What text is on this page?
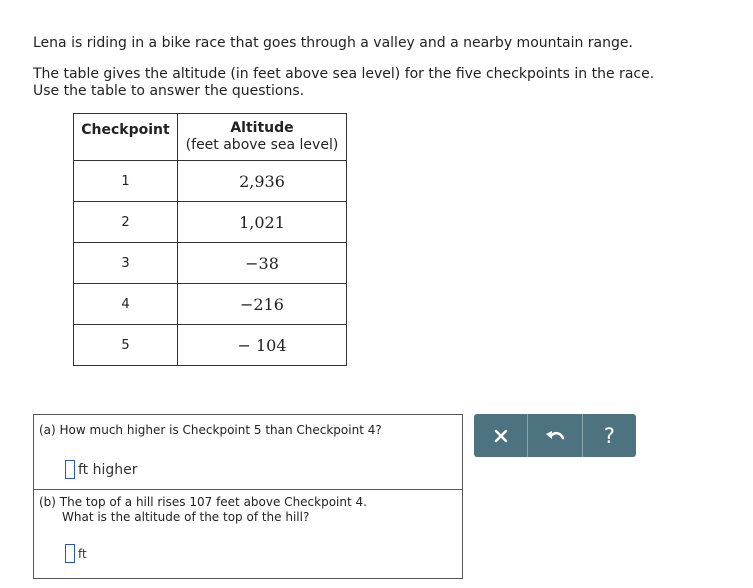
Lena is riding in a bike race that goes through a valley and a nearby mountain range.

The table gives the altitude (in feet above sea level) for the five checkpoints in the race.
Use the table to answer the questions.

Checkpoint	Altitude
(feet above sea level)
1	2,936
2	1,021
3	−38
4	−216
5	− 104
(a) How much higher is Checkpoint 5 than Checkpoint 4?
ft higher
(b) The top of a hill rises 107 feet above Checkpoint 4.
What is the altitude of the top of the hill?
ft
?
